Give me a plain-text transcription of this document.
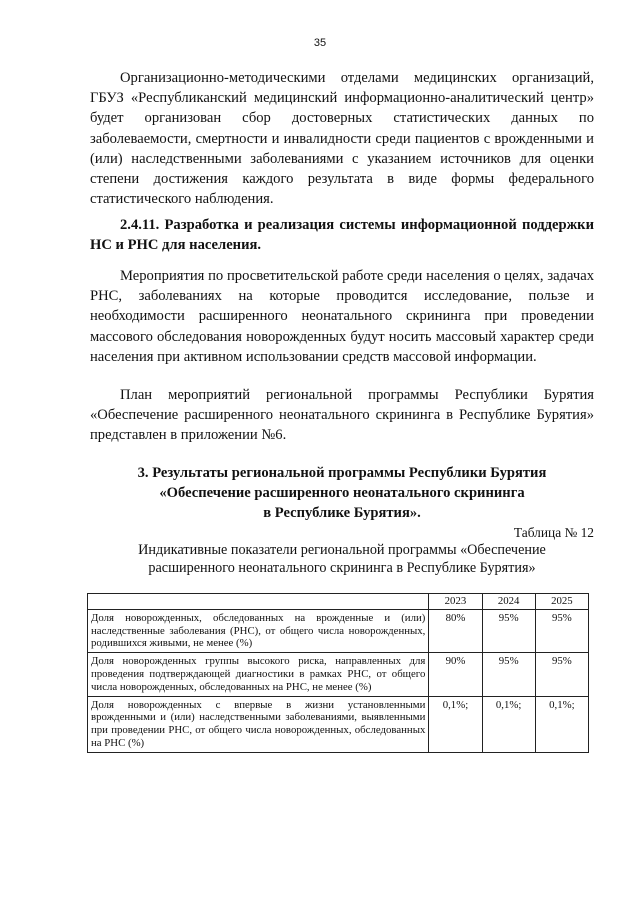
35
Организационно-методическими отделами медицинских организаций, ГБУЗ «Республиканский медицинский информационно-аналитический центр» будет организован сбор достоверных статистических данных по заболеваемости, смертности и инвалидности среди пациентов с врожденными и (или) наследственными заболеваниями с указанием источников для оценки степени достижения каждого результата в виде формы федерального статистического наблюдения.
2.4.11. Разработка и реализация системы информационной поддержки НС и РНС для населения.
Мероприятия по просветительской работе среди населения о целях, задачах РНС, заболеваниях на которые проводится исследование, пользе и необходимости расширенного неонатального скрининга при проведении массового обследования новорожденных будут носить массовый характер среди населения при активном использовании средств массовой информации.
План мероприятий региональной программы Республики Бурятия «Обеспечение расширенного неонатального скрининга в Республике Бурятия» представлен в приложении №6.
3. Результаты региональной программы Республики Бурятия
«Обеспечение расширенного неонатального скрининга
в Республике Бурятия».
Таблица № 12
Индикативные показатели региональной программы «Обеспечение
расширенного неонатального скрининга в Республике Бурятия»
	2023	2024	2025
Доля новорожденных, обследованных на врожденные и (или) наследственные заболевания (РНС), от общего числа новорожденных, родившихся живыми, не менее (%)	80%	95%	95%
Доля новорожденных группы высокого риска, направленных для проведения подтверждающей диагностики в рамках РНС, от общего числа новорожденных, обследованных на РНС, не менее (%)	90%	95%	95%
Доля новорожденных с впервые в жизни установленными врожденными и (или) наследственными заболеваниями, выявленными при проведении РНС, от общего числа новорожденных, обследованных на РНС (%)	0,1%;	0,1%;	0,1%;
